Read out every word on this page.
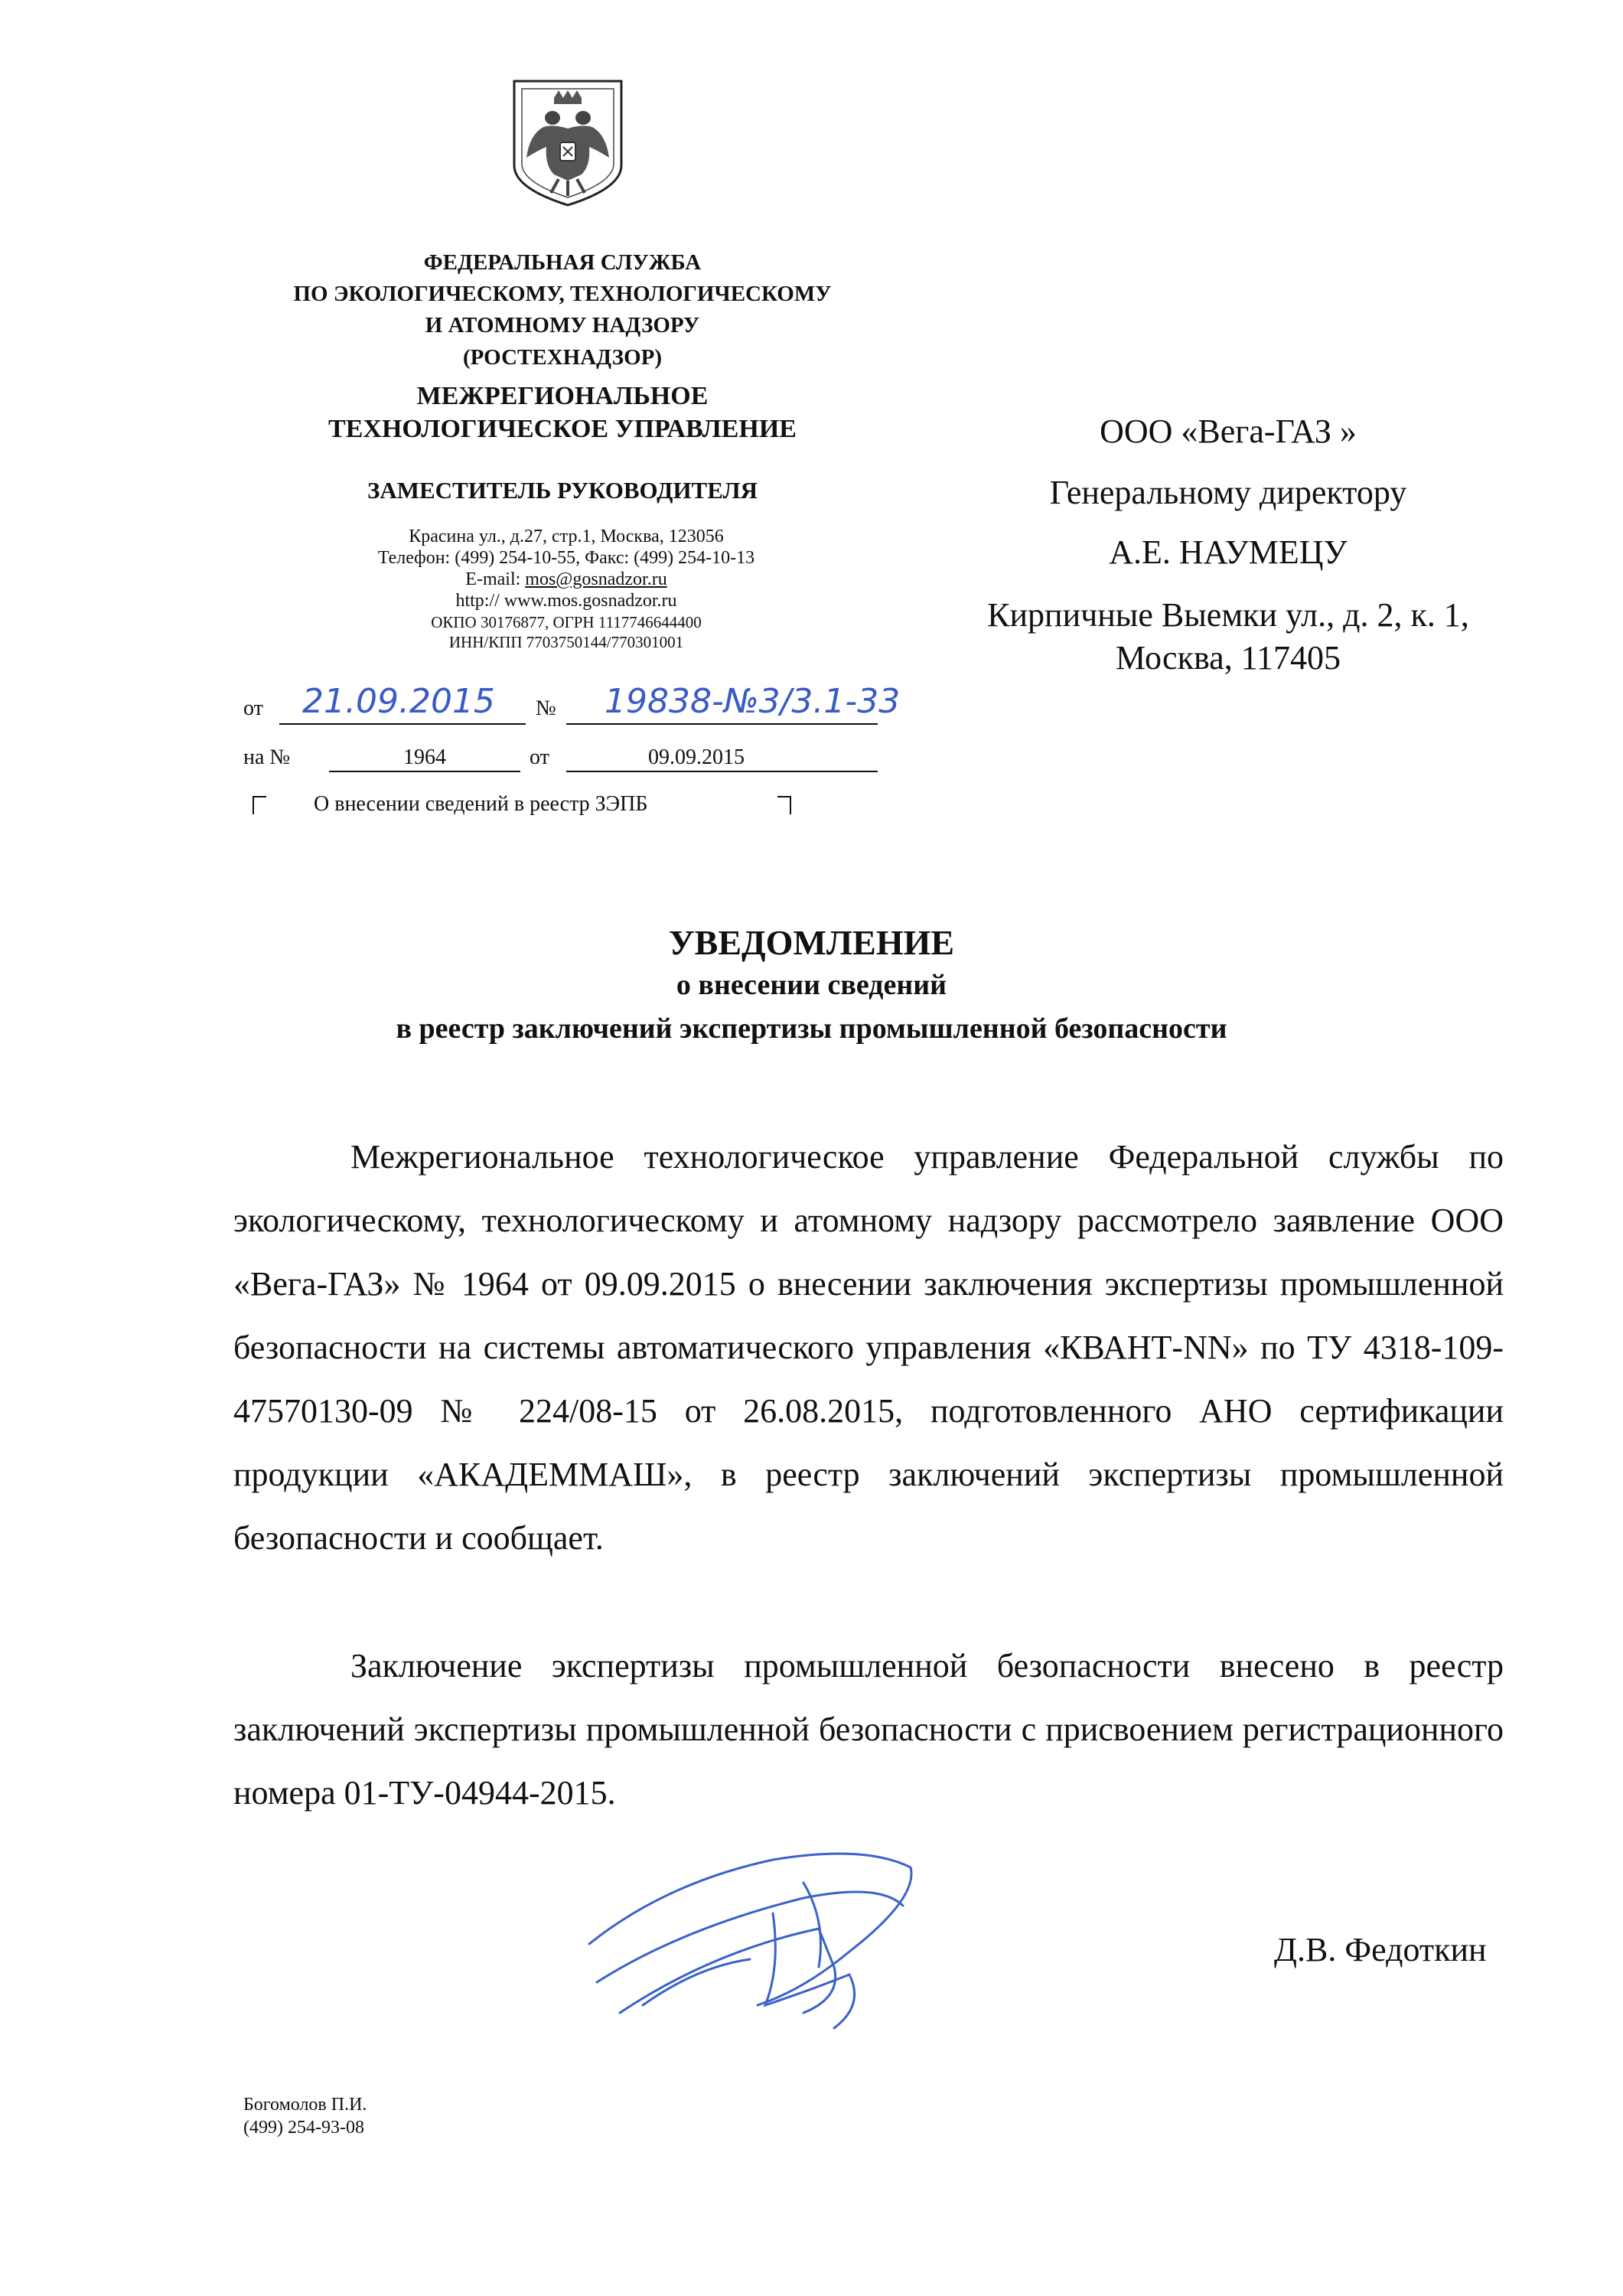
ФЕДЕРАЛЬНАЯ СЛУЖБА
ПО ЭКОЛОГИЧЕСКОМУ, ТЕХНОЛОГИЧЕСКОМУ
И АТОМНОМУ НАДЗОРУ
(РОСТЕХНАДЗОР)
МЕЖРЕГИОНАЛЬНОЕ
ТЕХНОЛОГИЧЕСКОЕ УПРАВЛЕНИЕ
ЗАМЕСТИТЕЛЬ РУКОВОДИТЕЛЯ
Красина ул., д.27, стр.1, Москва, 123056
Телефон: (499) 254-10-55, Факс: (499) 254-10-13
E-mail: mos@gosnadzor.ru
http:// www.mos.gosnadzor.ru
ОКПО 30176877, ОГРН 1117746644400
ИНН/КПП 7703750144/770301001
от 21.09.2015 № 19838-№3/3.1-33
на №	1964	от	09.09.2015
О внесении сведений в реестр ЗЭПБ
ООО «Вега-ГАЗ »
Генеральному директору
А.Е. НАУМЕЦУ
Кирпичные Выемки ул., д. 2, к. 1,
Москва, 117405
УВЕДОМЛЕНИЕ
о внесении сведений
в реестр заключений экспертизы промышленной безопасности
Межрегиональное технологическое управление Федеральной службы по экологическому, технологическому и атомному надзору рассмотрело заявление ООО «Вега-ГАЗ» № 1964 от 09.09.2015 о внесении заключения экспертизы промышленной безопасности на системы автоматического управления «КВАНТ-NN» по ТУ 4318-109-47570130-09 № 224/08-15 от 26.08.2015, подготовленного АНО сертификации продукции «АКАДЕММАШ», в реестр заключений экспертизы промышленной безопасности и сообщает.
Заключение экспертизы промышленной безопасности внесено в реестр заключений экспертизы промышленной безопасности с присвоением регистрационного номера 01-ТУ-04944-2015.
Д.В. Федоткин
Богомолов П.И.
(499) 254-93-08
